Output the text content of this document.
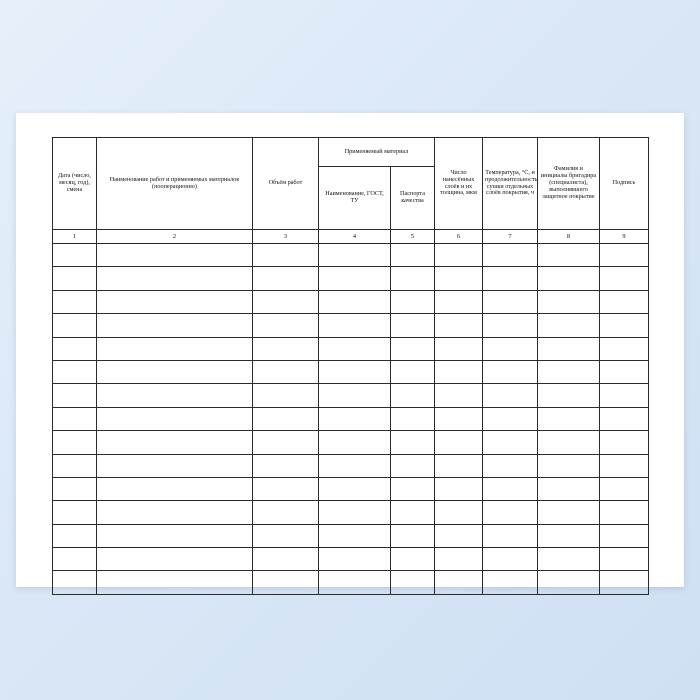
Дата (число, месяц, год), смена	Наименование работ и применяемых материалов (пооперационно)	Объём работ	Применяемый материал		Число нанесённых слоёв и их толщина, мкм	Температура, °С, и продолжительность сушки отдельных слоёв покрытия, ч	Фамилия и инициалы бригадира (специалиста), выполнявшего защитное покрытие	Подпись
			Наименование, ГОСТ, ТУ	Паспорта качества				
1	2	3	4	5	6	7	8	9
